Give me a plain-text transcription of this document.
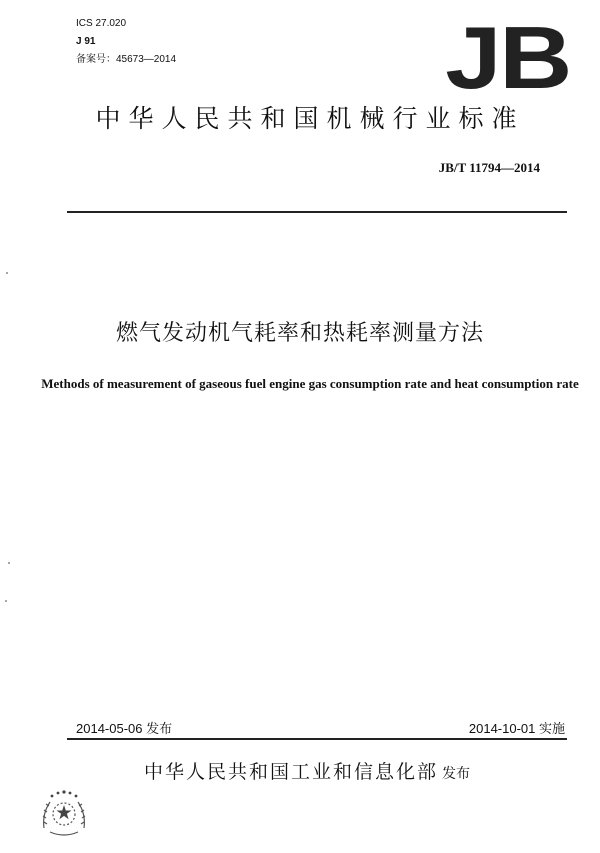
ICS 27.020
J 91
备案号：45673—2014	JB
中华人民共和国机械行业标准
JB/T 11794—2014
燃气发动机气耗率和热耗率测量方法
Methods of measurement of gaseous fuel engine gas consumption rate and heat consumption rate
2014-05-06 发布	2014-10-01 实施
中华人民共和国工业和信息化部 发布
